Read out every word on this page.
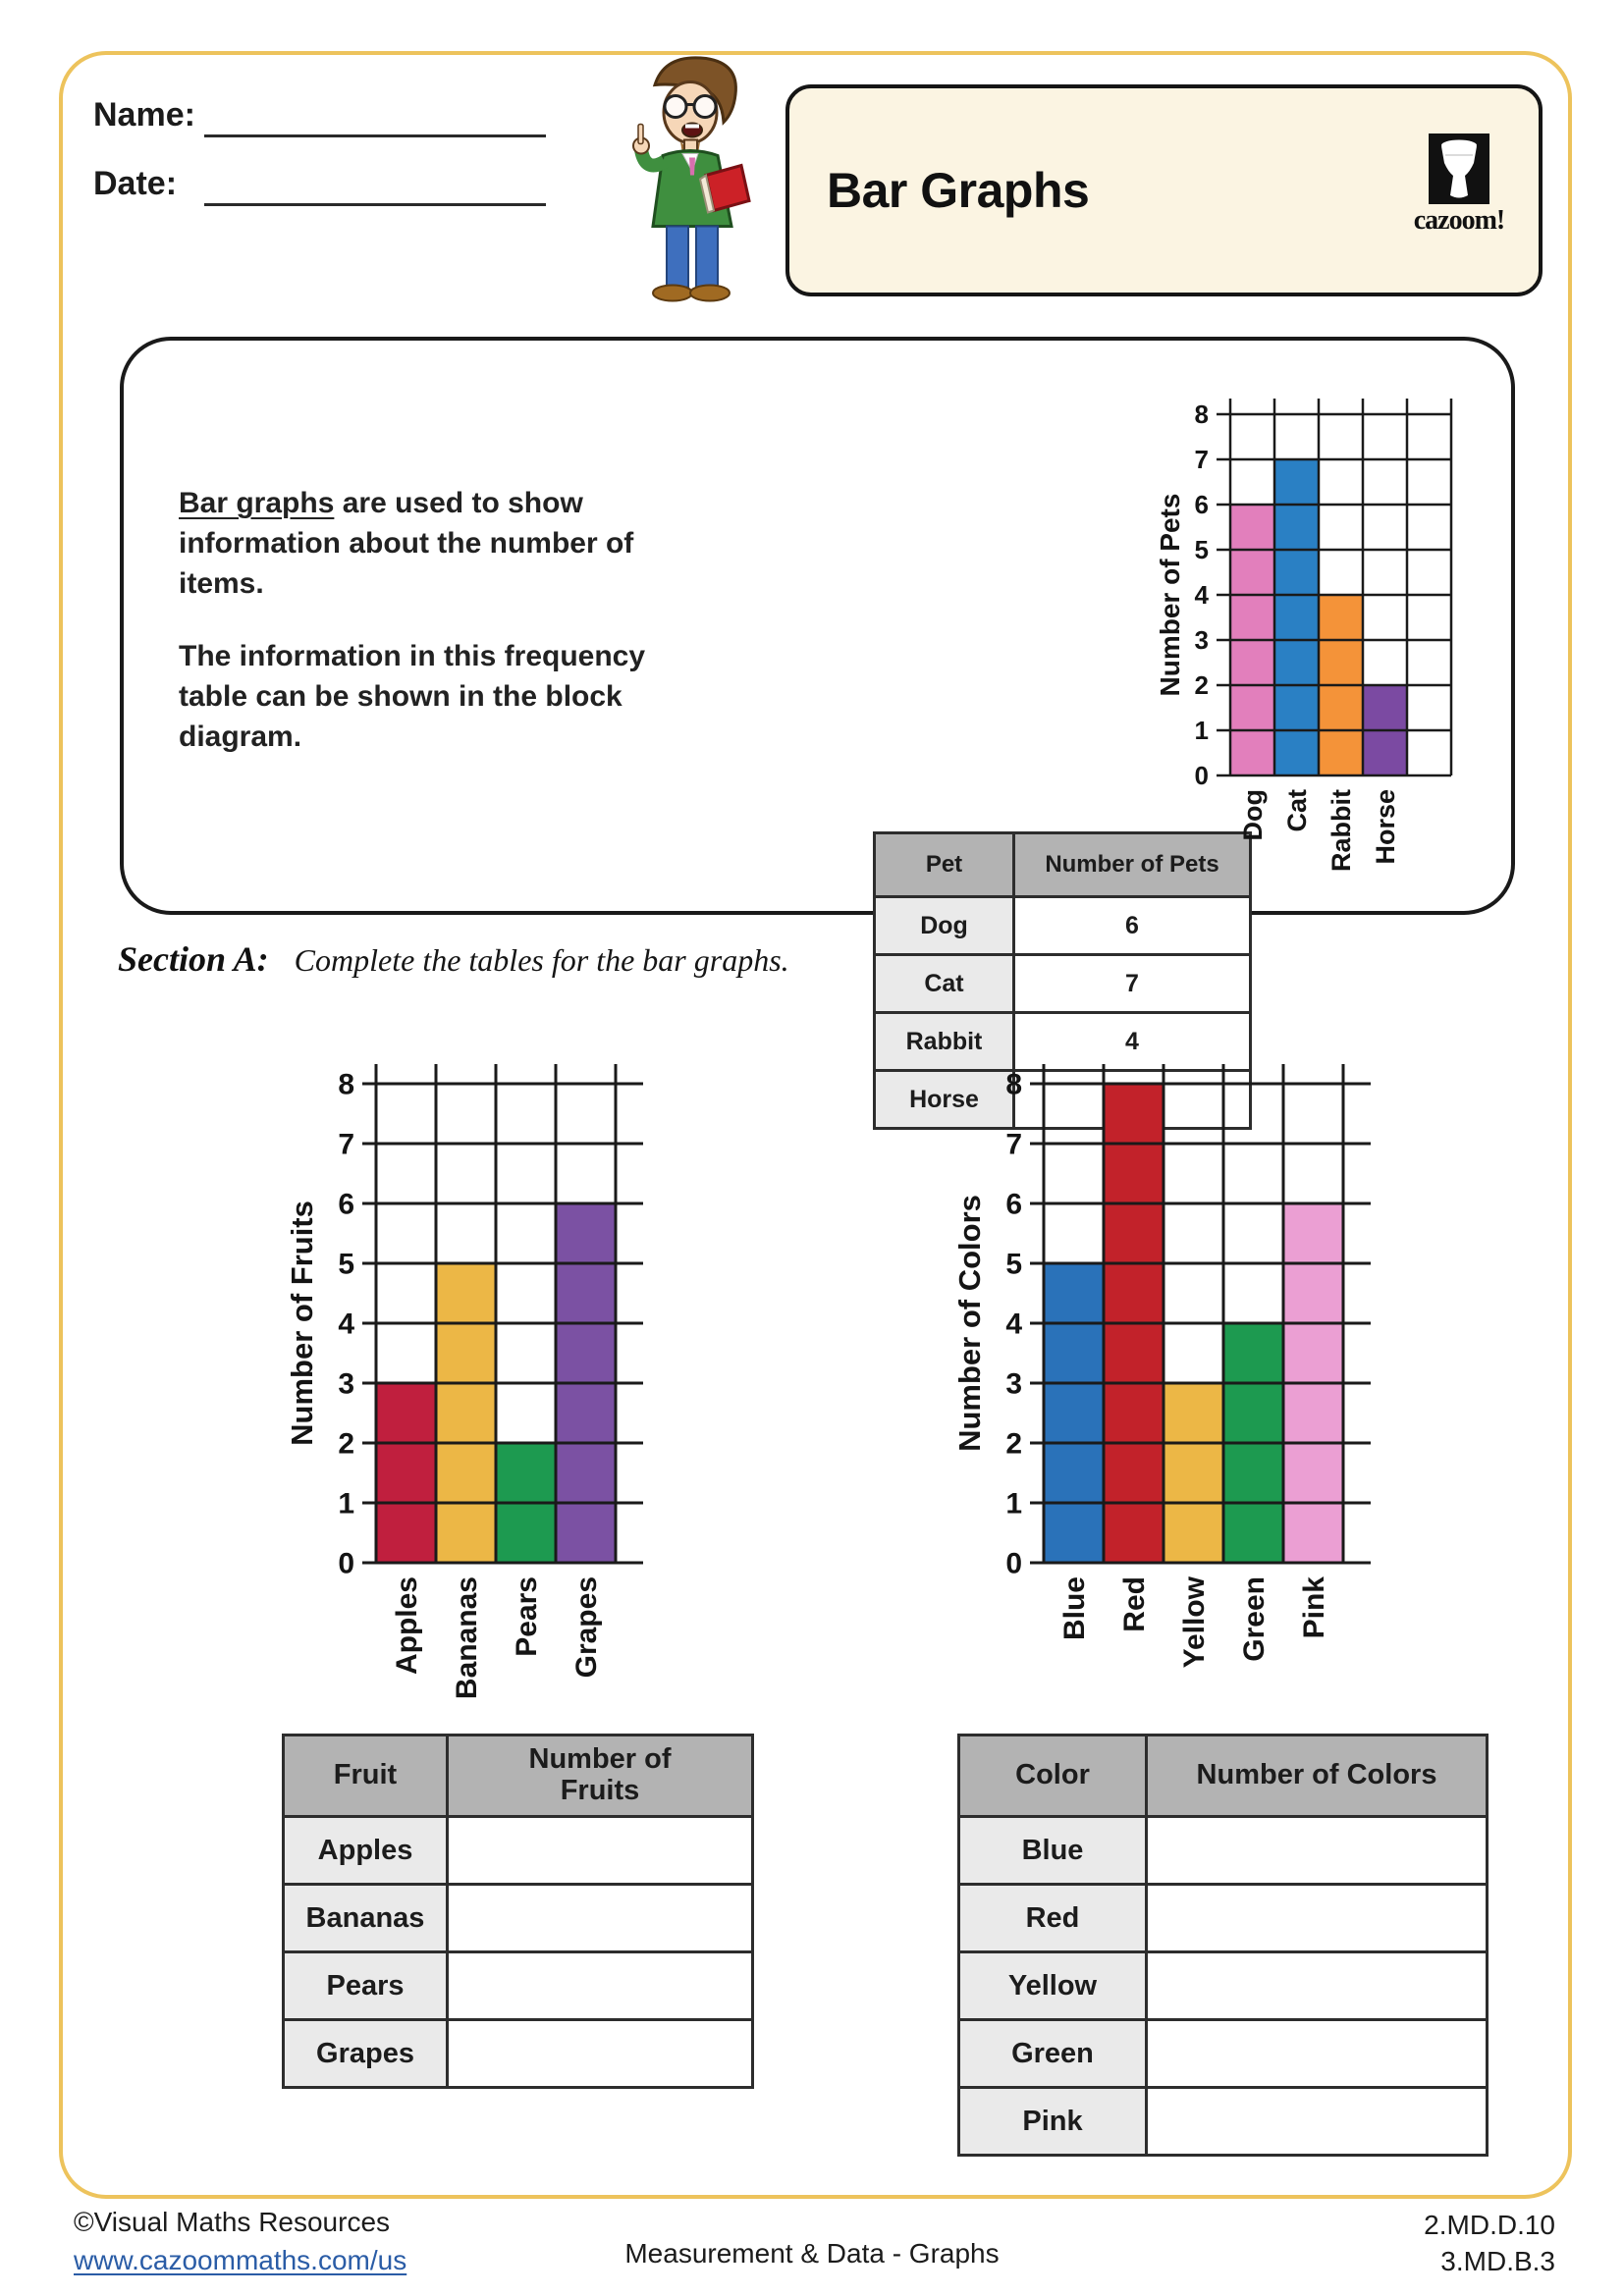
Name:
Date:	Bar Graphs
cazoom!

Bar graphs are used to show information about the number of items.

The information in this frequency table can be shown in the block diagram.

Pet	Number of Pets
Dog	6
Cat	7
Rabbit	4
Horse	
0
1
2
3
4
5
6
7
8
Dog Cat Rabbit Horse
Number of Pets
Section A: Complete the tables for the bar graphs.
0
1
2
3
4
5
6
7
8
Apples Bananas Pears Grapes
Number of Fruits
0
1
2
3
4
5
6
7
8
Blue Red Yellow Green Pink
Number of Colors
Fruit	Number of Fruits
Apples	
Bananas	
Pears	
Grapes	
Color	Number of Colors
Blue	
Red	
Yellow	
Green	
Pink	
©Visual Maths Resources
www.cazoommaths.com/us	Measurement & Data - Graphs
2.MD.D.10
3.MD.B.3
